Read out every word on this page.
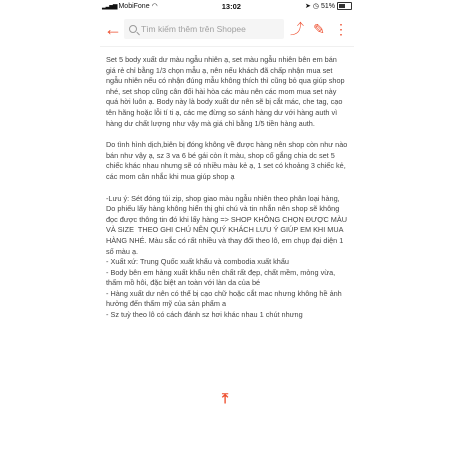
▂▃▅▆ MobiFone ◠	13:02	➤ ◷ 51%
← Tìm kiếm thêm trên Shopee	⤴ ✎ ⋮

Set 5 body xuất dư màu ngẫu nhiên ạ, set màu ngẫu nhiên bên em bán giá rẻ chỉ bằng 1/3 chọn mẫu ạ, nên nếu khách đã chấp nhận mua set ngẫu nhiên nếu có nhận đúng mẫu không thích thì cũng bỏ qua giúp shop nhé, set shop cũng cân đối hài hòa các màu nên các mom mua set này quá hời luôn ạ. Body này là body xuất dư nên sẽ bị cắt mác, che tag, cạo tên hãng hoặc lỗi tí ti ạ, các mẹ đừng so sánh hàng dư với hàng auth vì hàng dư chất lượng như vậy mà giá chỉ bằng 1/5 tiền hàng auth.

Do tình hình dịch,biên bị đóng không về được hàng nên shop còn như nào bán như vậy ạ, sz 3 va 6 bé gái còn ít màu, shop cố gắng chia dc set 5 chiếc khác nhau nhưng sẽ có nhiều màu kẻ ạ, 1 set có khoảng 3 chiếc kẻ, các mom cân nhắc khi mua giúp shop ạ

-Lưu ý: Sét đóng túi zip, shop giao màu ngẫu nhiên theo phân loại hàng, Do phiếu lấy hàng không hiển thị ghi chú và tin nhắn nên shop sẽ không đọc được thông tin đó khi lấy hàng => SHOP KHÔNG CHỌN ĐƯỢC MÀU VÀ SIZE  THEO GHI CHÚ NÊN QUÝ KHÁCH LƯU Ý GIÚP EM KHI MUA HÀNG NHÉ. Màu sắc có rất nhiều và thay đổi theo lô, em chụp đại diện 1 số màu ạ.
- Xuất xứ: Trung Quốc xuất khẩu và combodia xuất khẩu
- Body bên em hàng xuất khẩu nên chất rất đẹp, chất mềm, mỏng vừa, thấm mồ hôi, đặc biệt an toàn với làn da của bé
- Hàng xuất dư nên có thể bị cạo chữ hoặc cắt mac nhưng không hề ảnh hưởng đến thẩm mỹ của sản phẩm a
- Sz tuỳ theo lô có cách đánh sz hơi khác nhau 1 chút nhưng

⤒
